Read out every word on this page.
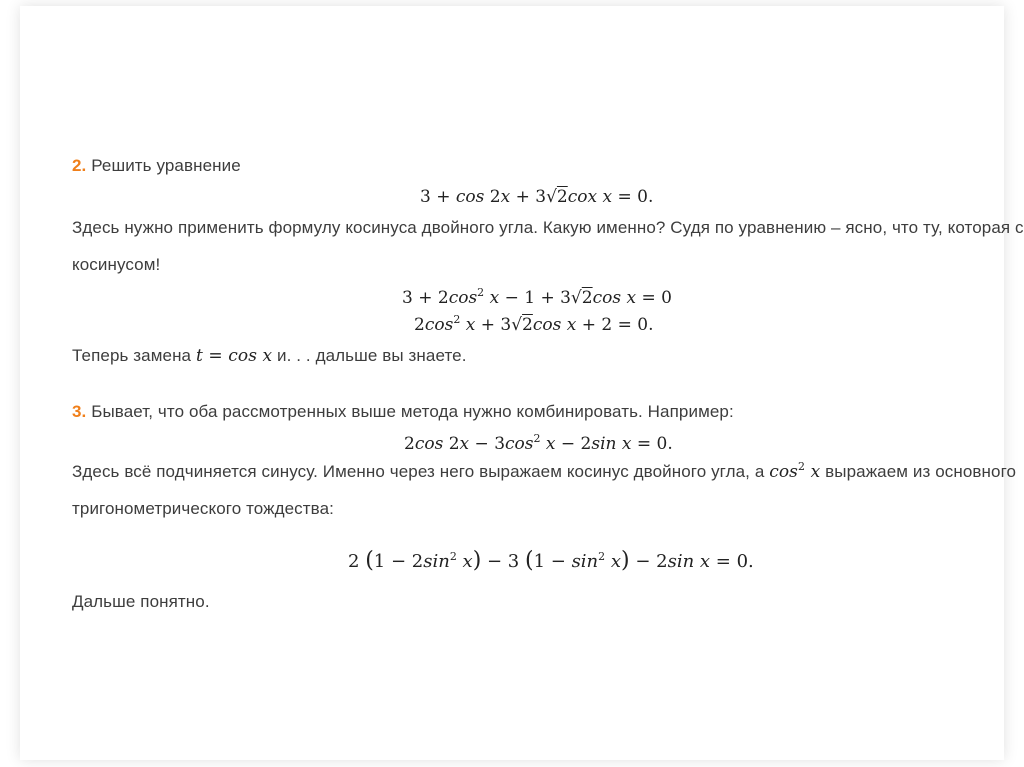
2. Решить уравнение
3 + cos 2x + 3√2cox x = 0.
Здесь нужно применить формулу косинуса двойного угла. Какую именно? Судя по уравнению – ясно, что ту, которая с
косинусом!
$3 + 2\cos^2$ x − 1 + 3√2cos x = 0
$2\cos^2$ x + 3√2cos x + 2 = 0.
Теперь замена t = cos x и. . . дальше вы знаете.
3. Бывает, что оба рассмотренных выше метода нужно комбинировать. Например:
2cos $2x - 3\cos^2$ x − 2sin x = 0.
Здесь всё подчиняется синусу. Именно через него выражаем косинус двойного угла, а $\cos^2 x$ выражаем из основного
тригонометрического тождества:
2 ($1 - 2\sin^2$ x) − 3 $(1 - \sin^2 x) - 2\sin$ x = 0.
Дальше понятно.
